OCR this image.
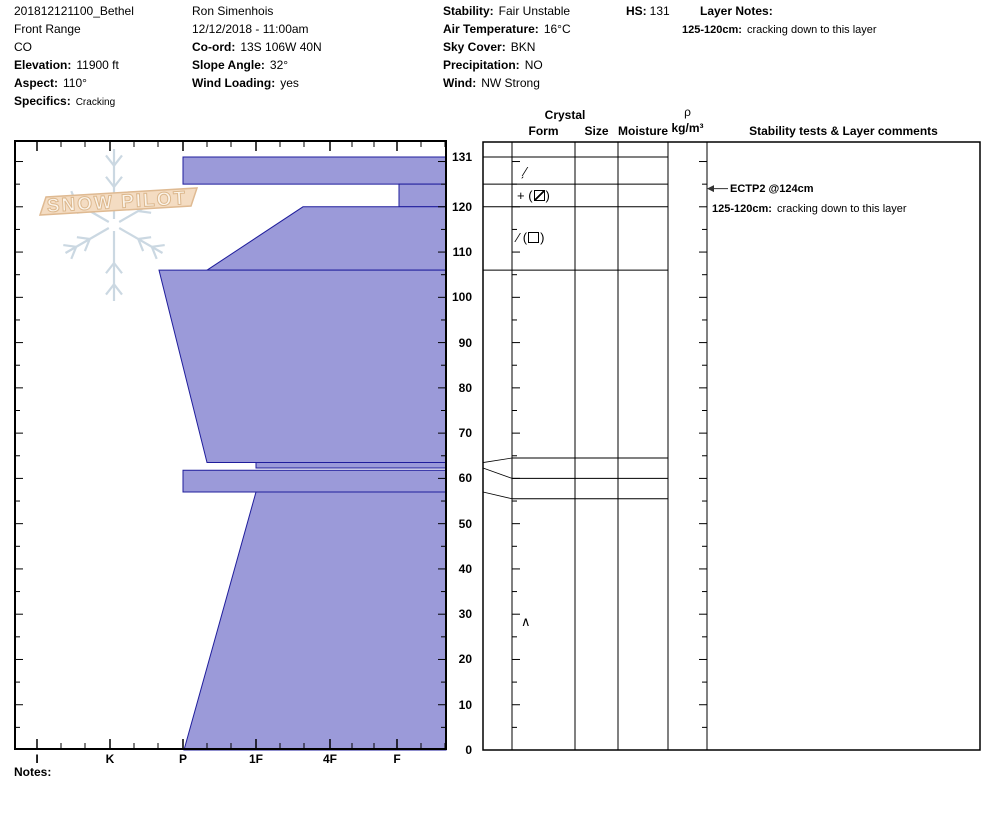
SNOW PILOT
201812121100_Bethel
Front Range
CO
Elevation: 11900 ft
Aspect: 110°
Specifics: Cracking
Ron Simenhois
12/12/2018 - 11:00am
Co-ord: 13S 106W 40N
Slope Angle: 32°
Wind Loading: yes
Stability: Fair Unstable
Air Temperature: 16°C
Sky Cover: BKN
Precipitation: NO
Wind: NW Strong
HS: 131	Layer Notes:
125-120cm: cracking down to this layer
Crystal
Form	Size Moisture
ρ
kg/m³	Stability tests & Layer comments
ˏ∕
+ ( )
∕ ( )
∧
ECTP2 @124cm
125-120cm: cracking down to this layer
Notes:
131
120
110
100
90
80
70
60
50
40
30
20
10
0
I	K	P	1F	4F	F
